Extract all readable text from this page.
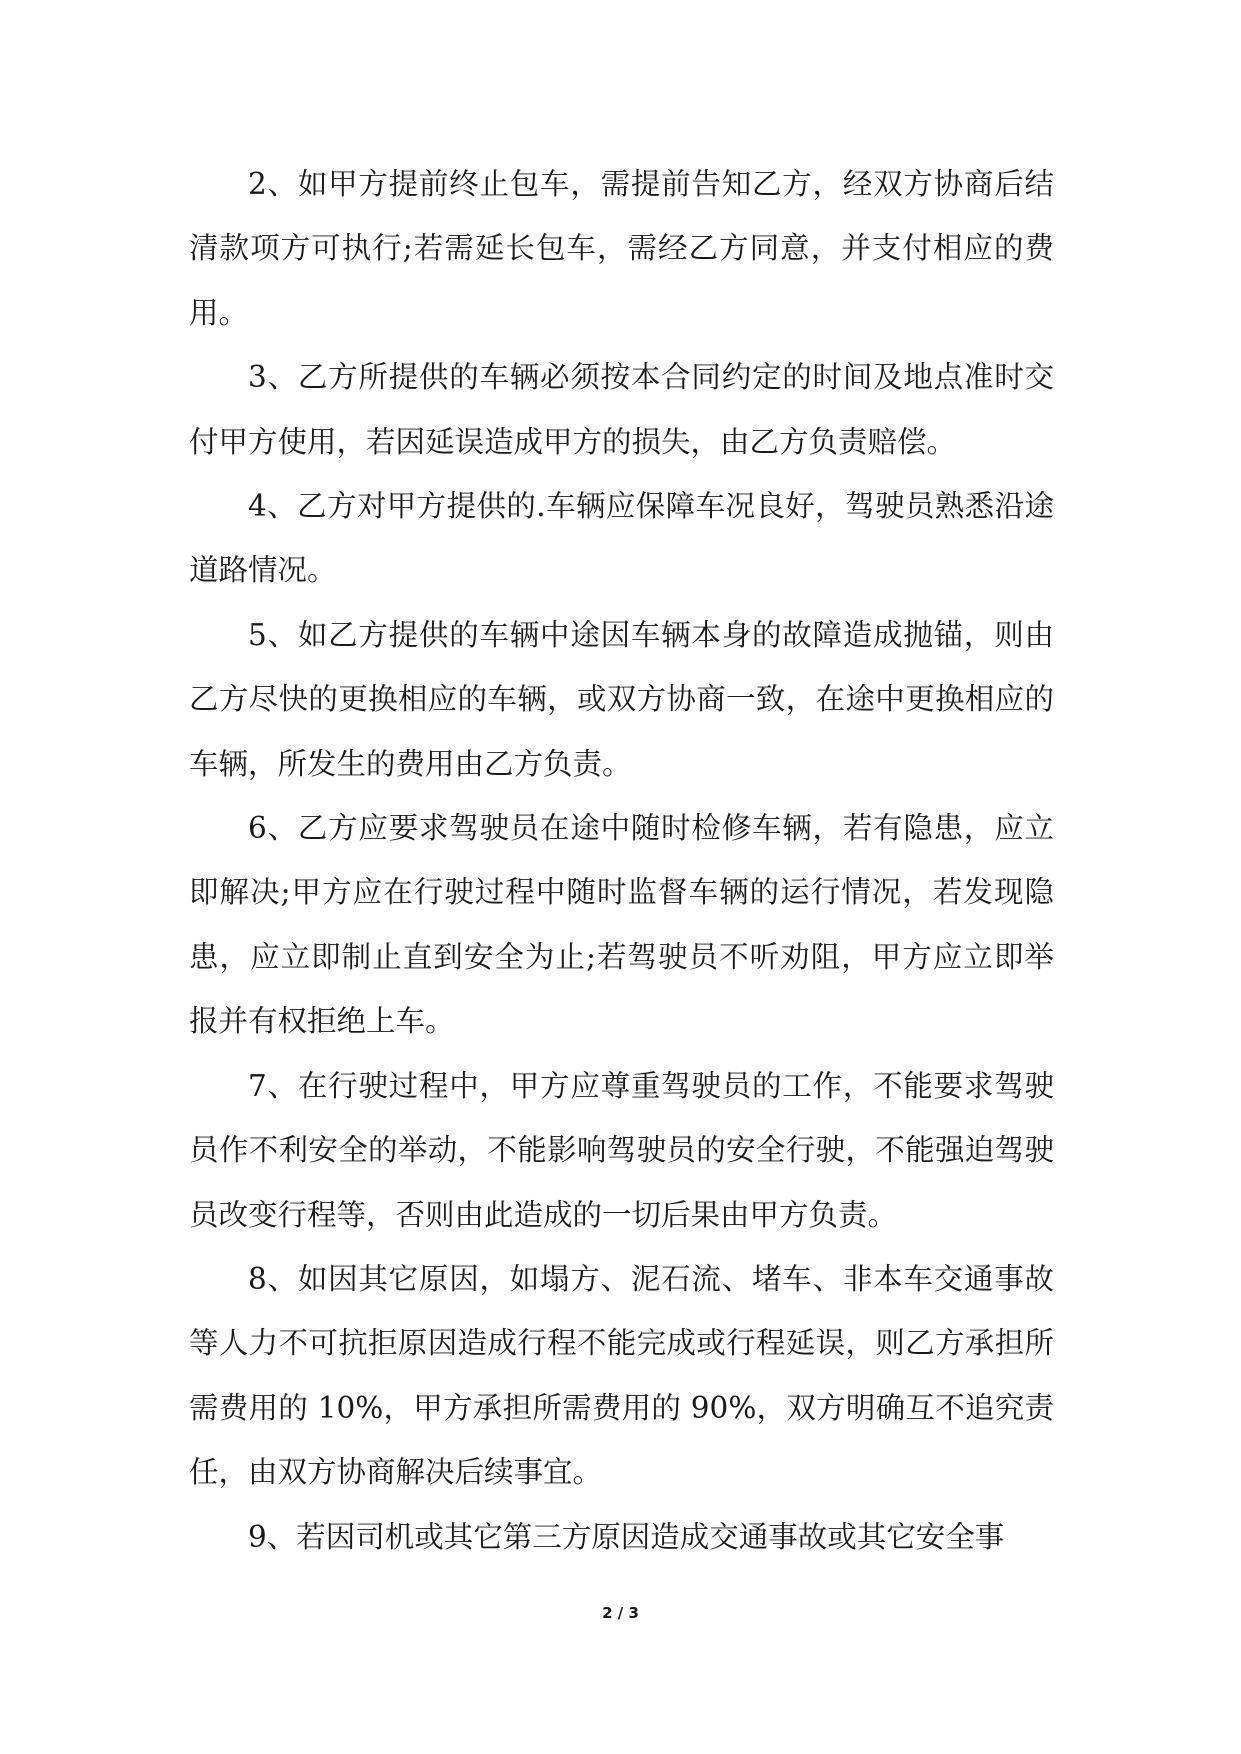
2、如甲方提前终止包车，需提前告知乙方，经双方协商后结清款项方可执行;若需延长包车，需经乙方同意，并支付相应的费用。

3、乙方所提供的车辆必须按本合同约定的时间及地点准时交付甲方使用，若因延误造成甲方的损失，由乙方负责赔偿。

4、乙方对甲方提供的.车辆应保障车况良好，驾驶员熟悉沿途道路情况。

5、如乙方提供的车辆中途因车辆本身的故障造成抛锚，则由乙方尽快的更换相应的车辆，或双方协商一致，在途中更换相应的车辆，所发生的费用由乙方负责。

6、乙方应要求驾驶员在途中随时检修车辆，若有隐患，应立即解决;甲方应在行驶过程中随时监督车辆的运行情况，若发现隐患，应立即制止直到安全为止;若驾驶员不听劝阻，甲方应立即举报并有权拒绝上车。

7、在行驶过程中，甲方应尊重驾驶员的工作，不能要求驾驶员作不利安全的举动，不能影响驾驶员的安全行驶，不能强迫驾驶员改变行程等，否则由此造成的一切后果由甲方负责。

8、如因其它原因，如塌方、泥石流、堵车、非本车交通事故等人力不可抗拒原因造成行程不能完成或行程延误，则乙方承担所需费用的 10%，甲方承担所需费用的 90%，双方明确互不追究责任，由双方协商解决后续事宜。

9、若因司机或其它第三方原因造成交通事故或其它安全事

2 / 3
